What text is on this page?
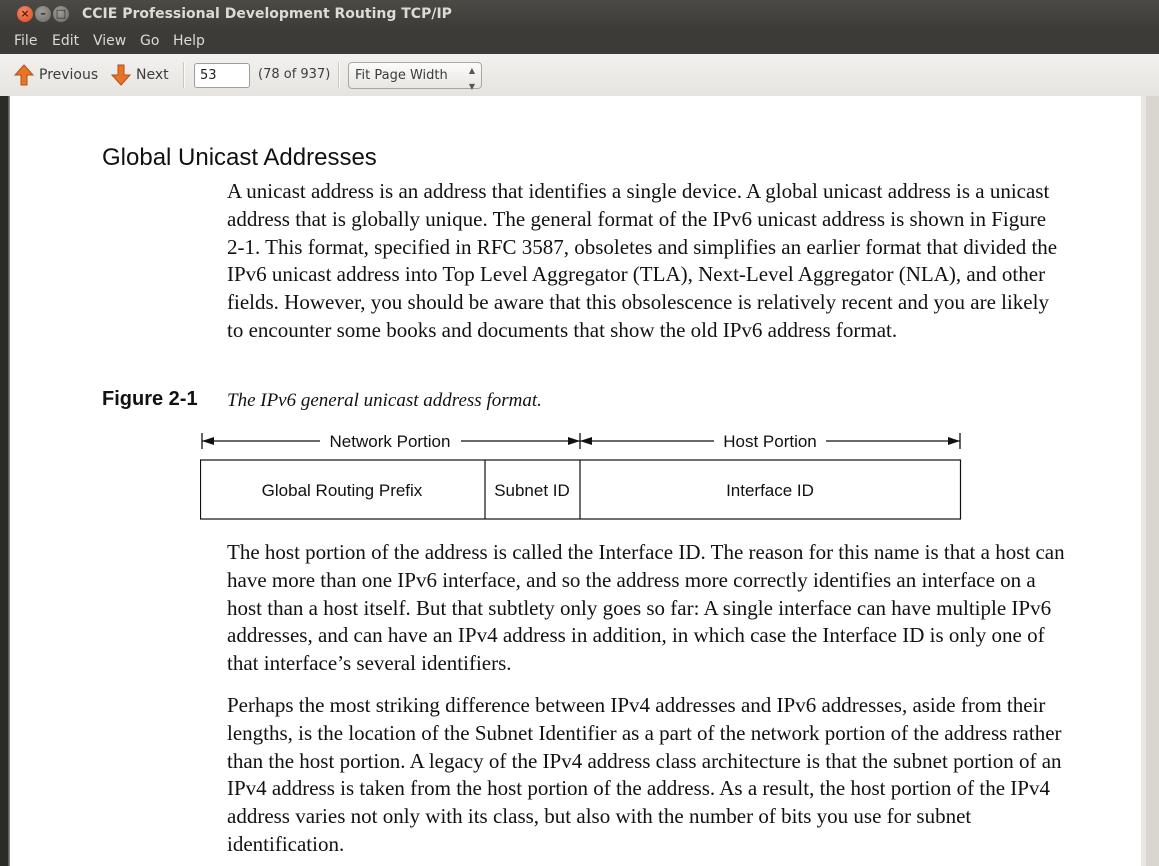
× – □ CCIE Professional Development Routing TCP/IP
File Edit View Go Help
Previous	Next
53	(78 of 937)	Fit Page Width	▲

▼
Global Unicast Addresses

A unicast address is an address that identifies a single device. A global unicast address is a unicast address that is globally unique. The general format of the IPv6 unicast address is shown in Figure 2-1. This format, specified in RFC 3587, obsoletes and simplifies an earlier format that divided the IPv6 unicast address into Top Level Aggregator (TLA), Next-Level Aggregator (NLA), and other fields. However, you should be aware that this obsolescence is relatively recent and you are likely to encounter some books and documents that show the old IPv6 address format.

Figure 2-1 The IPv6 general unicast address format.
Network Portion	Host Portion
Global Routing Prefix	Subnet ID	Interface ID

The host portion of the address is called the Interface ID. The reason for this name is that a host can have more than one IPv6 interface, and so the address more correctly identifies an interface on a host than a host itself. But that subtlety only goes so far: A single interface can have multiple IPv6 addresses, and can have an IPv4 address in addition, in which case the Interface ID is only one of that interface’s several identifiers.

Perhaps the most striking difference between IPv4 addresses and IPv6 addresses, aside from their lengths, is the location of the Subnet Identifier as a part of the network portion of the address rather than the host portion. A legacy of the IPv4 address class architecture is that the subnet portion of an IPv4 address is taken from the host portion of the address. As a result, the host portion of the IPv4 address varies not only with its class, but also with the number of bits you use for subnet identification.
